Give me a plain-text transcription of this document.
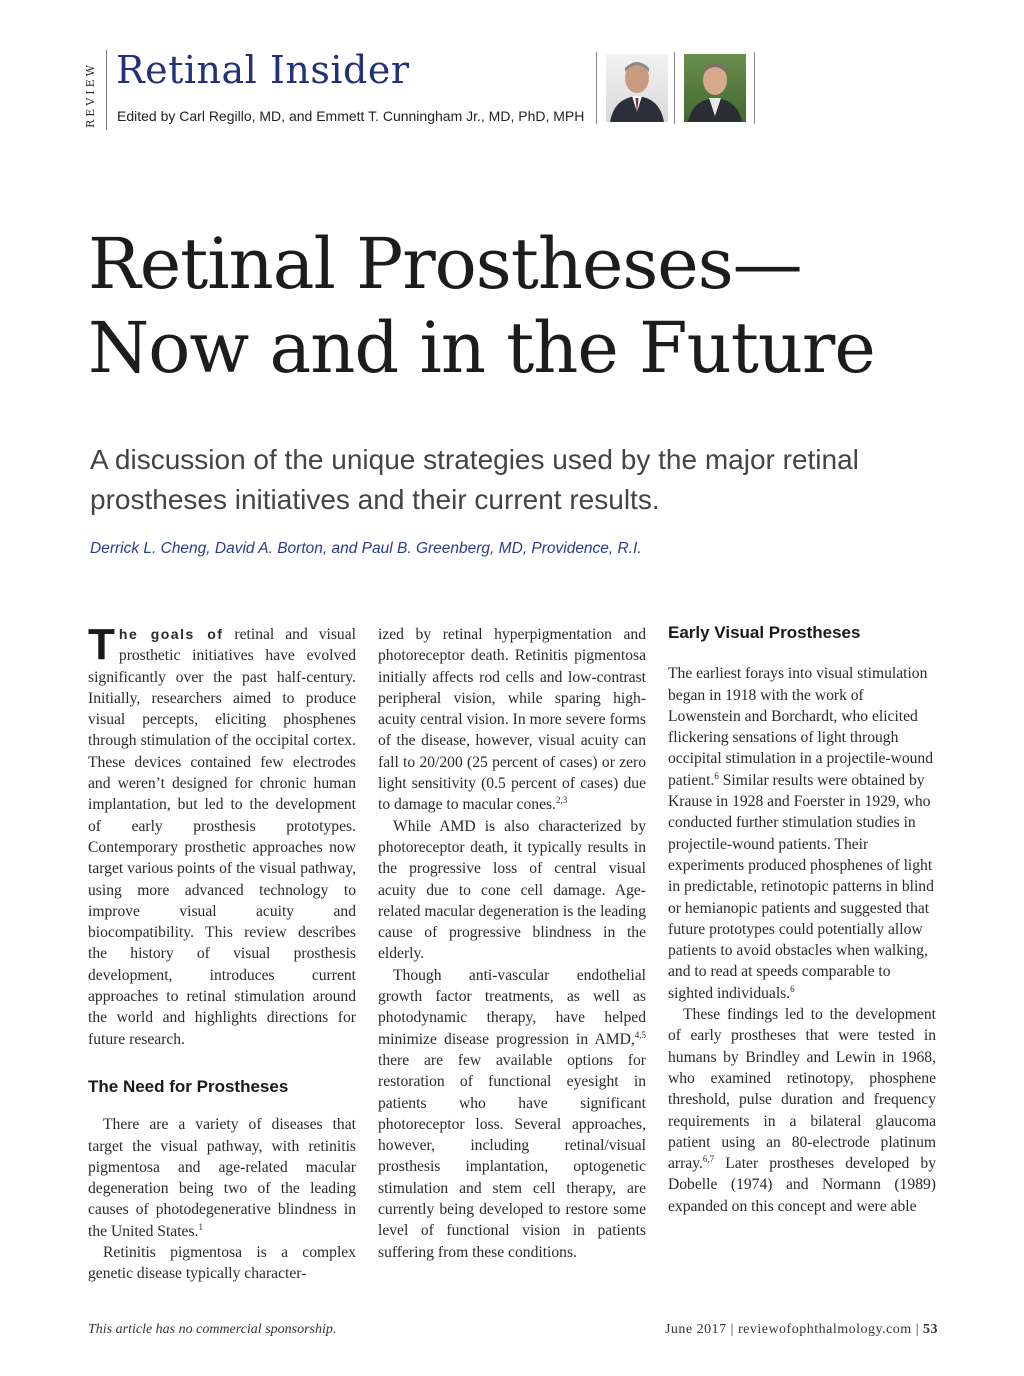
REVIEW Retinal Insider
Edited by Carl Regillo, MD, and Emmett T. Cunningham Jr., MD, PhD, MPH
Retinal Prostheses—
Now and in the Future
A discussion of the unique strategies used by the major retinal
prostheses initiatives and their current results.
Derrick L. Cheng, David A. Borton, and Paul B. Greenberg, MD, Providence, R.I.

The goals of retinal and visual prosthetic initiatives have evolved significantly over the past half-century. Initially, researchers aimed to produce visual percepts, eliciting phosphenes through stimulation of the occipital cortex. These devices contained few electrodes and weren’t designed for chronic human implantation, but led to the development of early prosthesis prototypes. Contemporary prosthetic approaches now target various points of the visual pathway, using more advanced technology to improve visual acuity and biocompatibility. This review describes the history of visual prosthesis development, introduces current approaches to retinal stimulation around the world and highlights directions for future research.

The Need for Prostheses

There are a variety of diseases that target the visual pathway, with retinitis pigmentosa and age-related macular degeneration being two of the leading causes of photodegenerative blindness in the United States.$^1$

Retinitis pigmentosa is a complex genetic disease typically character-

ized by retinal hyperpigmentation and photoreceptor death. Retinitis pigmentosa initially affects rod cells and low-contrast peripheral vision, while sparing high-acuity central vision. In more severe forms of the disease, however, visual acuity can fall to 20/200 (25 percent of cases) or zero light sensitivity (0.5 percent of cases) due to damage to macular cones.$^{2,3}$

While AMD is also characterized by photoreceptor death, it typically results in the progressive loss of central visual acuity due to cone cell damage. Age-related macular degeneration is the leading cause of progressive blindness in the elderly.

Though anti-vascular endothelial growth factor treatments, as well as photodynamic therapy, have helped minimize disease progression in AMD,$^{4,5}$ there are few available options for restoration of functional eyesight in patients who have significant photoreceptor loss. Several approaches, however, including retinal/visual prosthesis implantation, optogenetic stimulation and stem cell therapy, are currently being developed to restore some level of functional vision in patients suffering from these conditions.

Early Visual Prostheses

The earliest forays into visual stimulation began in 1918 with the work of Lowenstein and Borchardt, who elicited flickering sensations of light through occipital stimulation in a projectile-wound patient.$^6$ Similar results were obtained by Krause in 1928 and Foerster in 1929, who conducted further stimulation studies in projectile-wound patients. Their experiments produced phosphenes of light in predictable, retinotopic patterns in blind or hemianopic patients and suggested that future prototypes could potentially allow patients to avoid obstacles when walking, and to read at speeds comparable to sighted individuals.$^6$

These findings led to the development of early prostheses that were tested in humans by Brindley and Lewin in 1968, who examined retinotopy, phosphene threshold, pulse duration and frequency requirements in a bilateral glaucoma patient using an 80-electrode platinum array.$^{6,7}$ Later prostheses developed by Dobelle (1974) and Normann (1989) expanded on this concept and were able

This article has no commercial sponsorship.	June 2017 | reviewofophthalmology.com | 53
